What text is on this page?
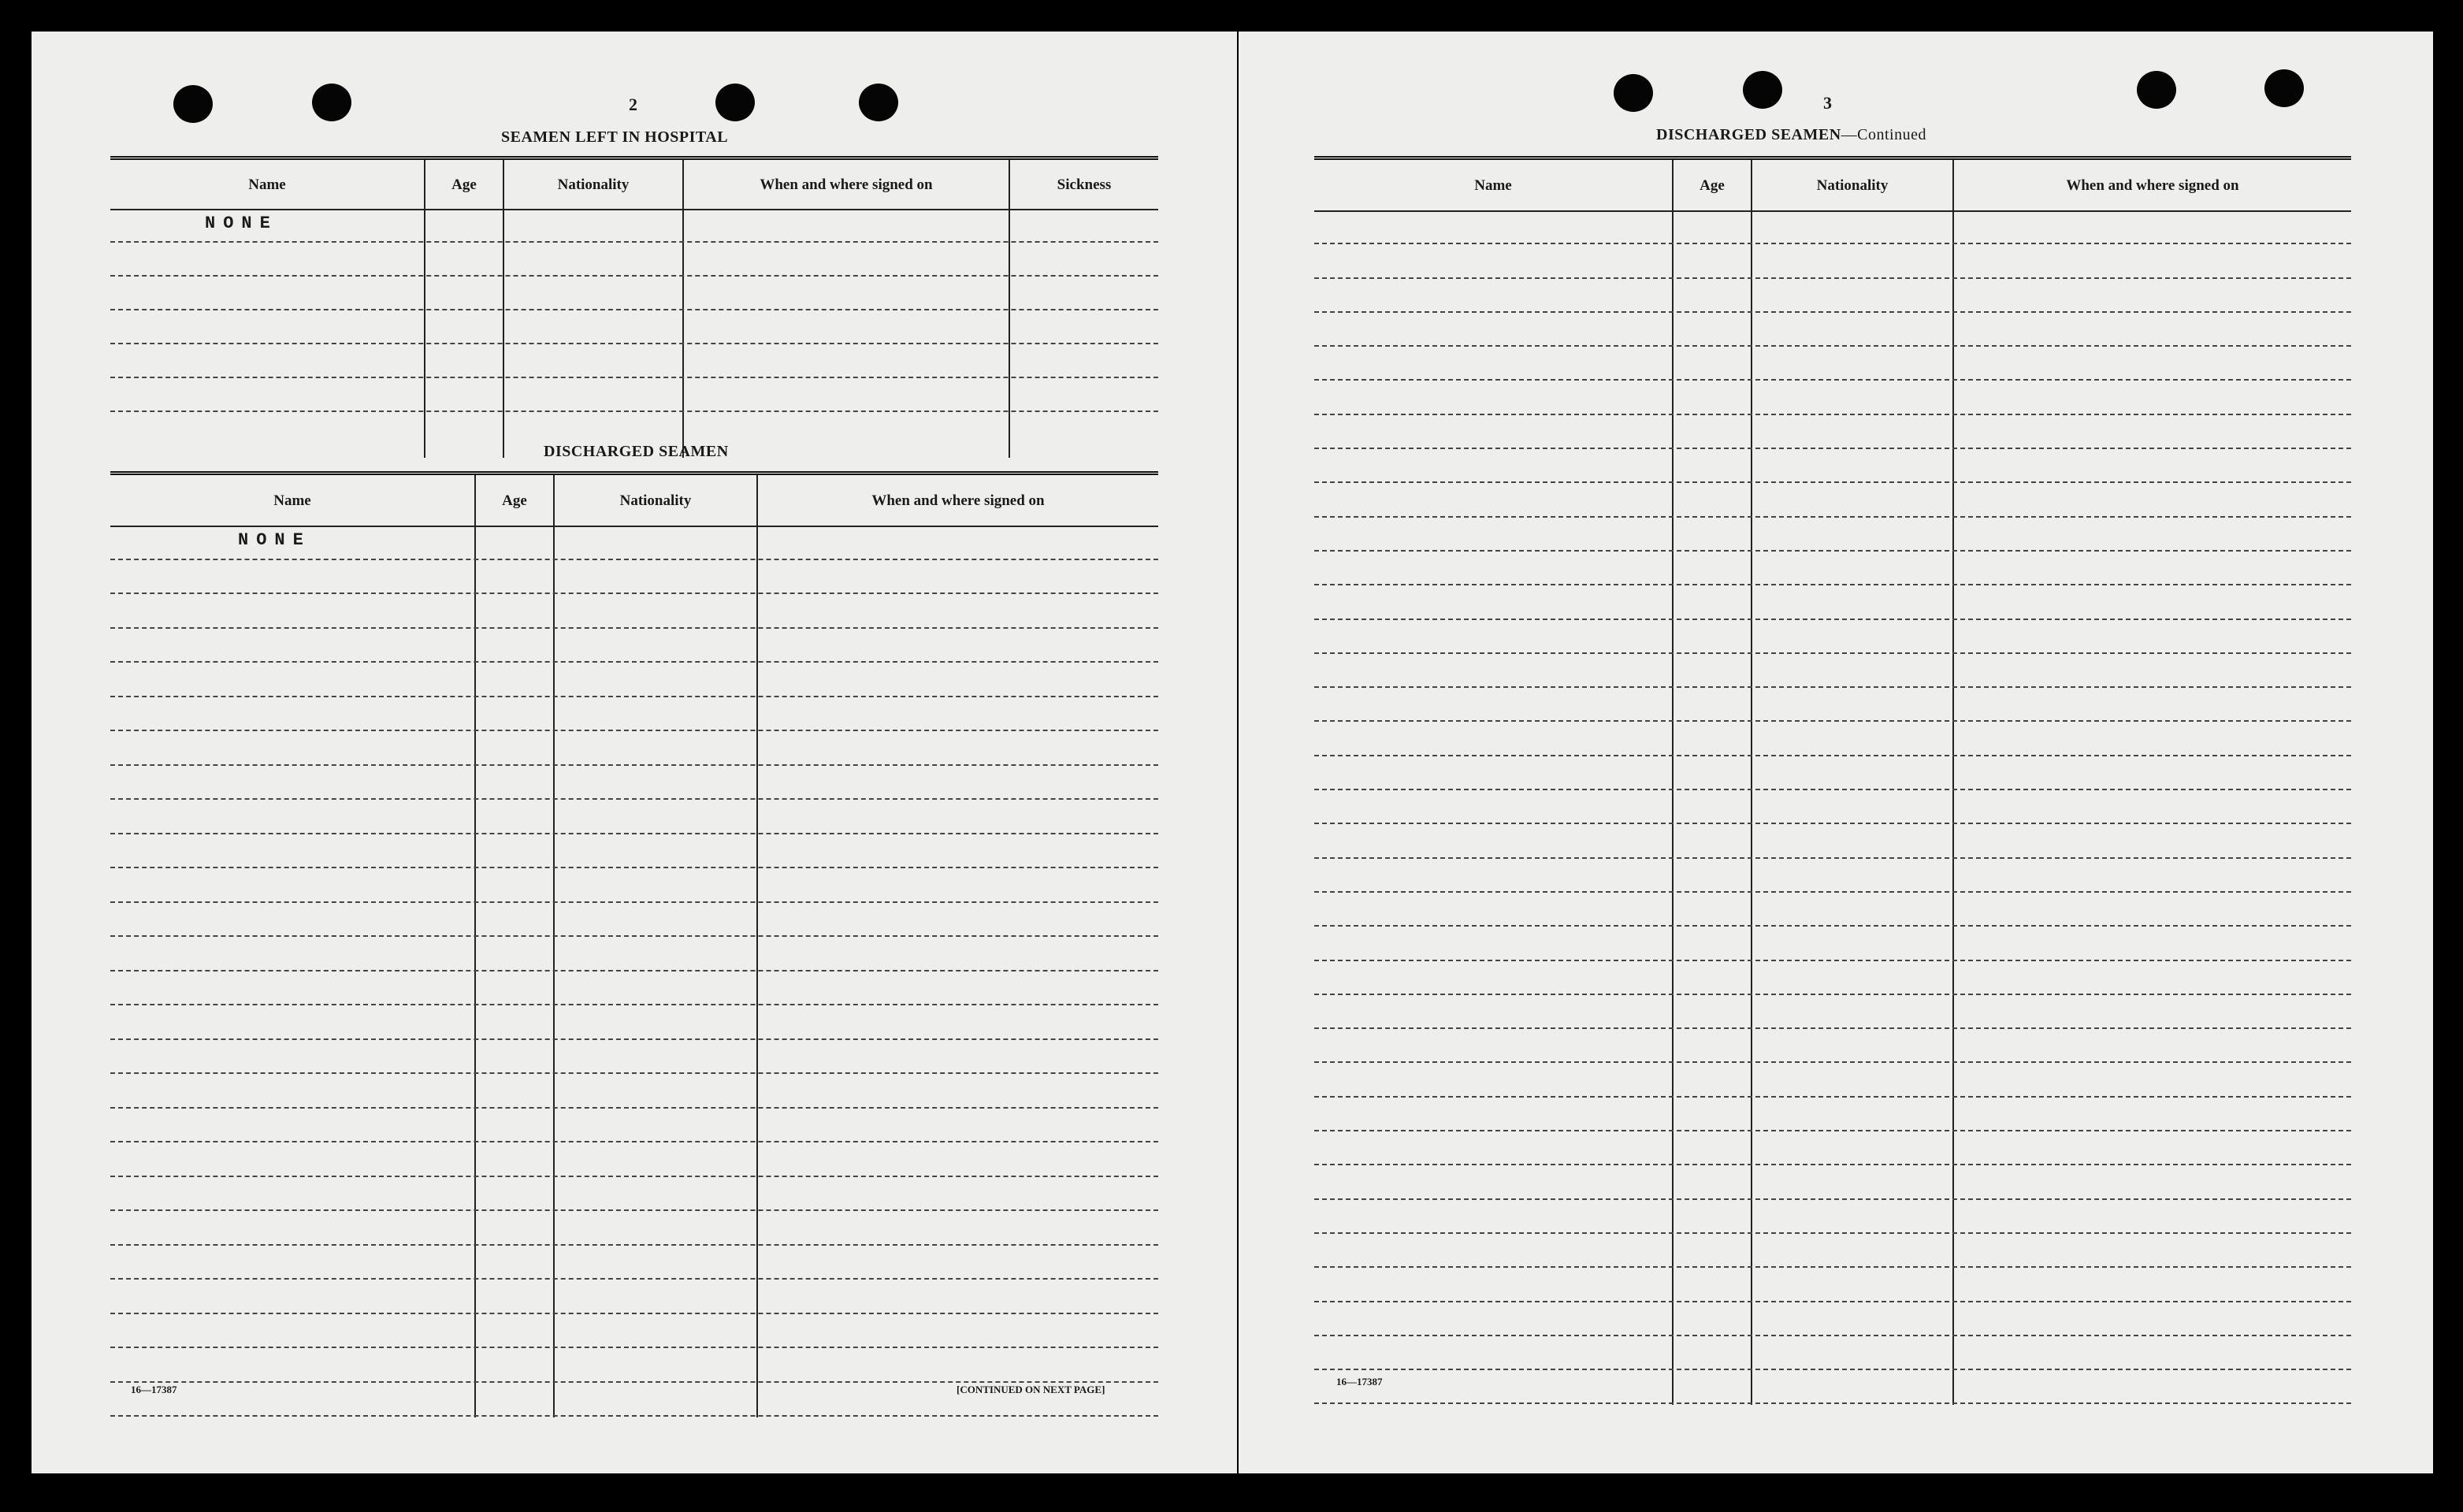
2
SEAMEN LEFT IN HOSPITAL
Name	Age	Nationality	When and where signed on	Sickness
NONE
DISCHARGED SEAMEN
Name	Age	Nationality	When and where signed on
NONE
16—17387	[CONTINUED ON NEXT PAGE]
3
DISCHARGED SEAMEN—Continued
Name	Age	Nationality	When and where signed on
16—17387
